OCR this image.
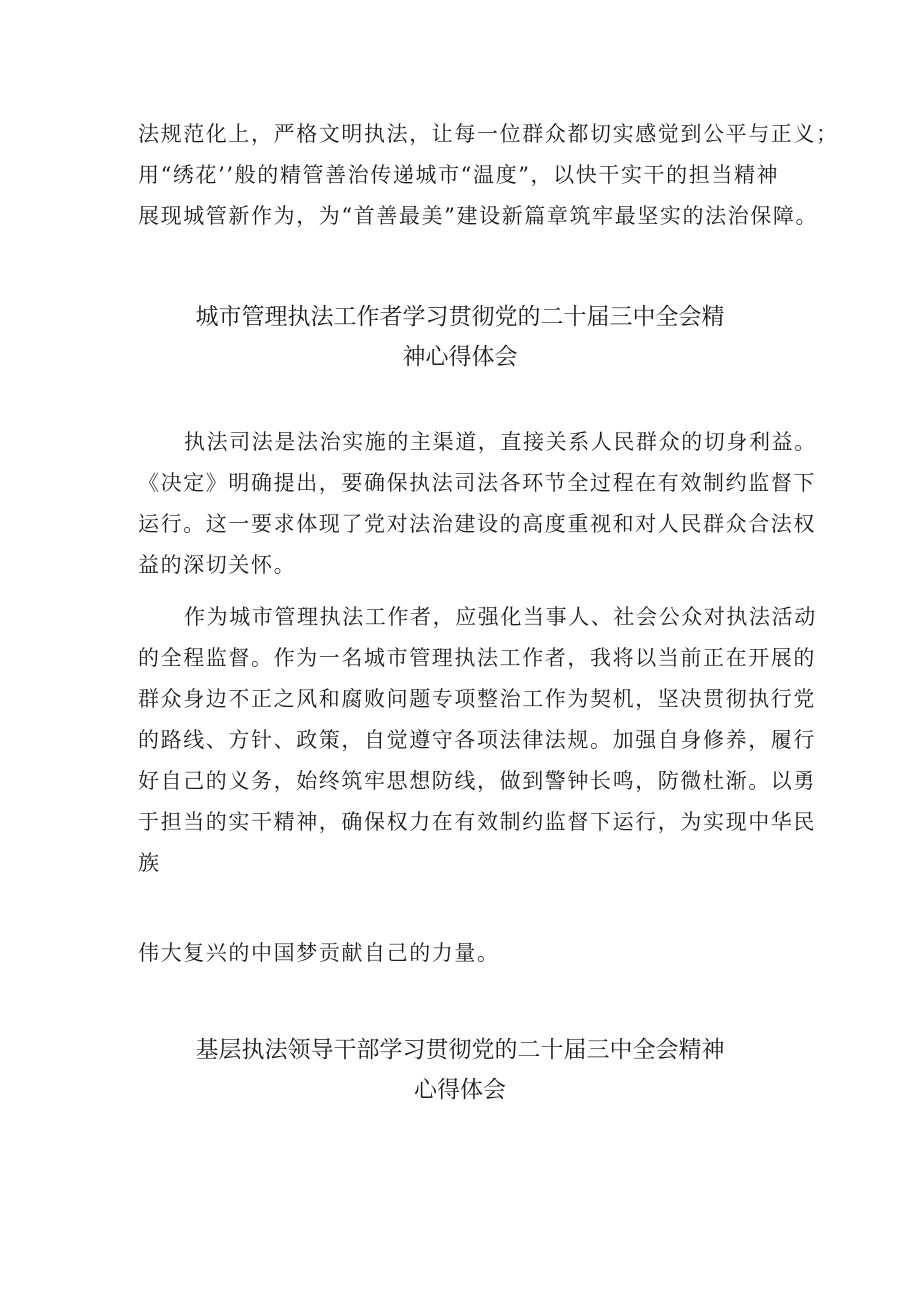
法规范化上，严格文明执法，让每一位群众都切实感觉到公平与正义；
用“绣花’’般的精管善治传递城市“温度”，以快干实干的担当精神
展现城管新作为，为“首善最美”建设新篇章筑牢最坚实的法治保障。
城市管理执法工作者学习贯彻党的二十届三中全会精
神心得体会
执法司法是法治实施的主渠道，直接关系人民群众的切身利益。
《决定》明确提出，要确保执法司法各环节全过程在有效制约监督下
运行。这一要求体现了党对法治建设的高度重视和对人民群众合法权
益的深切关怀。
作为城市管理执法工作者，应强化当事人、社会公众对执法活动
的全程监督。作为一名城市管理执法工作者，我将以当前正在开展的
群众身边不正之风和腐败问题专项整治工作为契机，坚决贯彻执行党
的路线、方针、政策，自觉遵守各项法律法规。加强自身修养，履行
好自己的义务，始终筑牢思想防线，做到警钟长鸣，防微杜渐。以勇
于担当的实干精神，确保权力在有效制约监督下运行，为实现中华民
族
伟大复兴的中国梦贡献自己的力量。
基层执法领导干部学习贯彻党的二十届三中全会精神
心得体会
